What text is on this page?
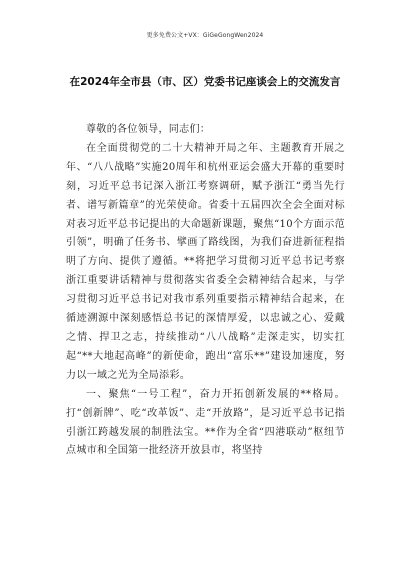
更多免费公文+VX：GiGeGongWen2024
在2024年全市县（市、区）党委书记座谈会上的交流发言

尊敬的各位领导，同志们：

在全面贯彻党的二十大精神开局之年、主题教育开展之年、“八八战略”实施20周年和杭州亚运会盛大开幕的重要时刻，习近平总书记深入浙江考察调研，赋予浙江“勇当先行者、谱写新篇章”的光荣使命。省委十五届四次全会全面对标对表习近平总书记提出的大命题新课题，聚焦“10个方面示范引领”，明确了任务书、擘画了路线图，为我们奋进新征程指明了方向、提供了遵循。**将把学习贯彻习近平总书记考察浙江重要讲话精神与贯彻落实省委全会精神结合起来，与学习贯彻习近平总书记对我市系列重要指示精神结合起来，在循迹溯源中深刻感悟总书记的深情厚爱，以忠诚之心、爱戴之情、捍卫之志，持续推动“八八战略”走深走实，切实扛起“**大地起高峰”的新使命，跑出“富乐**”建设加速度，努力以一域之光为全局添彩。

一、聚焦“一号工程”，奋力开拓创新发展的**格局。打“创新牌”、吃“改革饭”、走“开放路”，是习近平总书记指引浙江跨越发展的制胜法宝。**作为全省“四港联动”枢纽节点城市和全国第一批经济开放县市，将坚持
